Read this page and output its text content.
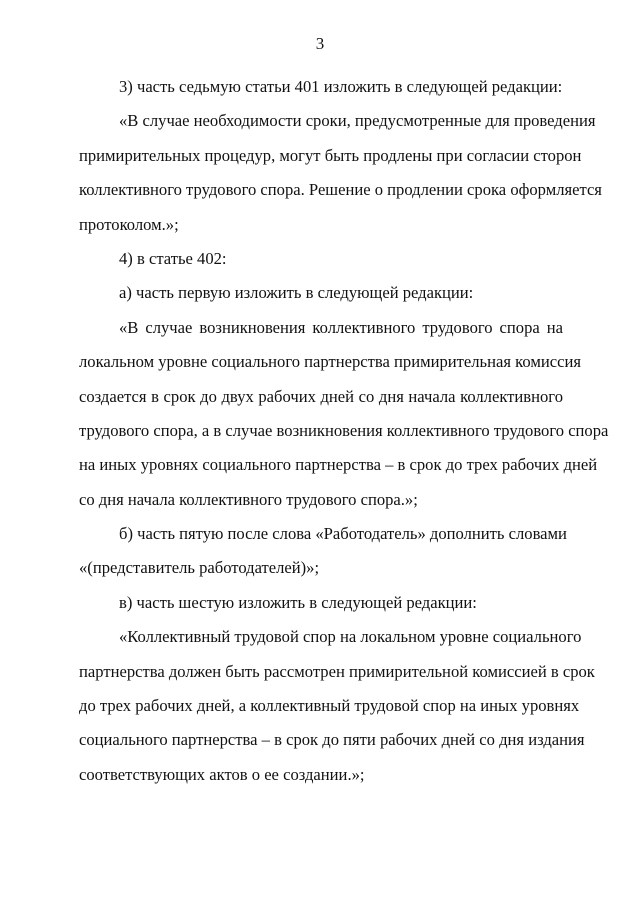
3
3) часть седьмую статьи 401 изложить в следующей редакции:
«В случае необходимости сроки, предусмотренные для проведения
примирительных процедур, могут быть продлены при согласии сторон
коллективного трудового спора. Решение о продлении срока оформляется
протоколом.»;
4) в статье 402:
а) часть первую изложить в следующей редакции:
«В случае возникновения коллективного трудового спора на
локальном уровне социального партнерства примирительная комиссия
создается в срок до двух рабочих дней со дня начала коллективного
трудового спора, а в случае возникновения коллективного трудового спора
на иных уровнях социального партнерства – в срок до трех рабочих дней
со дня начала коллективного трудового спора.»;
б) часть пятую после слова «Работодатель» дополнить словами
«(представитель работодателей)»;
в) часть шестую изложить в следующей редакции:
«Коллективный трудовой спор на локальном уровне социального
партнерства должен быть рассмотрен примирительной комиссией в срок
до трех рабочих дней, а коллективный трудовой спор на иных уровнях
социального партнерства – в срок до пяти рабочих дней со дня издания
соответствующих актов о ее создании.»;
